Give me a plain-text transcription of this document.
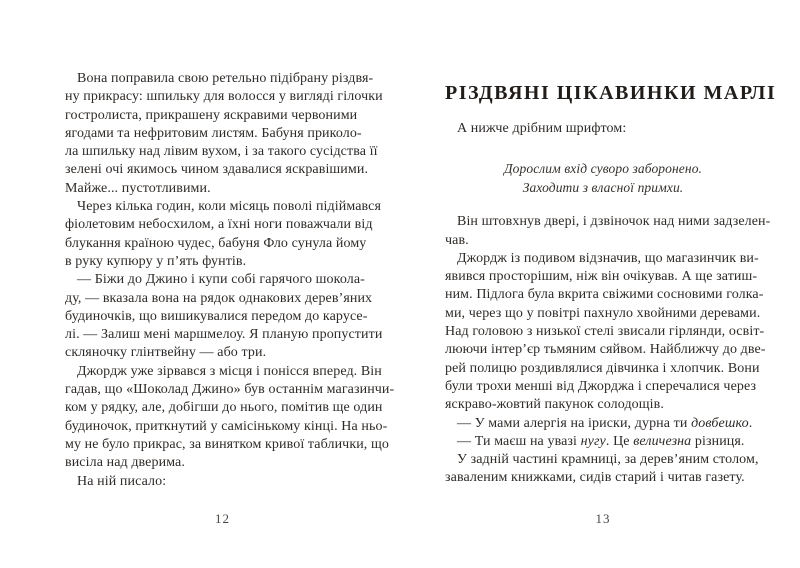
Вона поправила свою ретельно підібрану різдвя-
ну прикрасу: шпильку для волосся у вигляді гілочки
гостролиста, прикрашену яскравими червоними
ягодами та нефритовим листям. Бабуня приколо-
ла шпильку над лівим вухом, і за такого сусідства її
зелені очі якимось чином здавалися яскравішими.
Майже... пустотливими.

Через кілька годин, коли місяць поволі підіймався
фіолетовим небосхилом, а їхні ноги поважчали від
блукання країною чудес, бабуня Фло сунула йому
в руку купюру у п’ять фунтів.

— Біжи до Джино і купи собі гарячого шокола-
ду, — вказала вона на рядок однакових дерев’яних
будиночків, що вишикувалися передом до карусе-
лі. — Залиш мені маршмелоу. Я планую пропустити
скляночку глінтвейну — або три.

Джордж уже зірвався з місця і понісся вперед. Він
гадав, що «Шоколад Джино» був останнім магазинчи-
ком у рядку, але, добігши до нього, помітив ще один
будиночок, приткнутий у самісінькому кінці. На ньо-
му не було прикрас, за винятком кривої таблички, що
висіла над дверима.

На ній писало:

12
РІЗДВЯНІ ЦІКАВИНКИ МАРЛІ

А нижче дрібним шрифтом:

Дорослим вхід суворо заборонено.
Заходити з власної примхи.

Він штовхнув двері, і дзвіночок над ними задзелен-
чав.

Джордж із подивом відзначив, що магазинчик ви-
явився просторішим, ніж він очікував. А ще затиш-
ним. Підлога була вкрита свіжими сосновими голка-
ми, через що у повітрі пахнуло хвойними деревами.
Над головою з низької стелі звисали гірлянди, освіт-
люючи інтер’єр тьмяним сяйвом. Найближчу до две-
рей полицю роздивлялися дівчинка і хлопчик. Вони
були трохи менші від Джорджа і сперечалися через
яскраво-жовтий пакунок солодощів.

— У мами алергія на іриски, дурна ти довбешко.

— Ти маєш на увазі нугу. Це величезна різниця.

У задній частині крамниці, за дерев’яним столом,
заваленим книжками, сидів старий і читав газету.

13
